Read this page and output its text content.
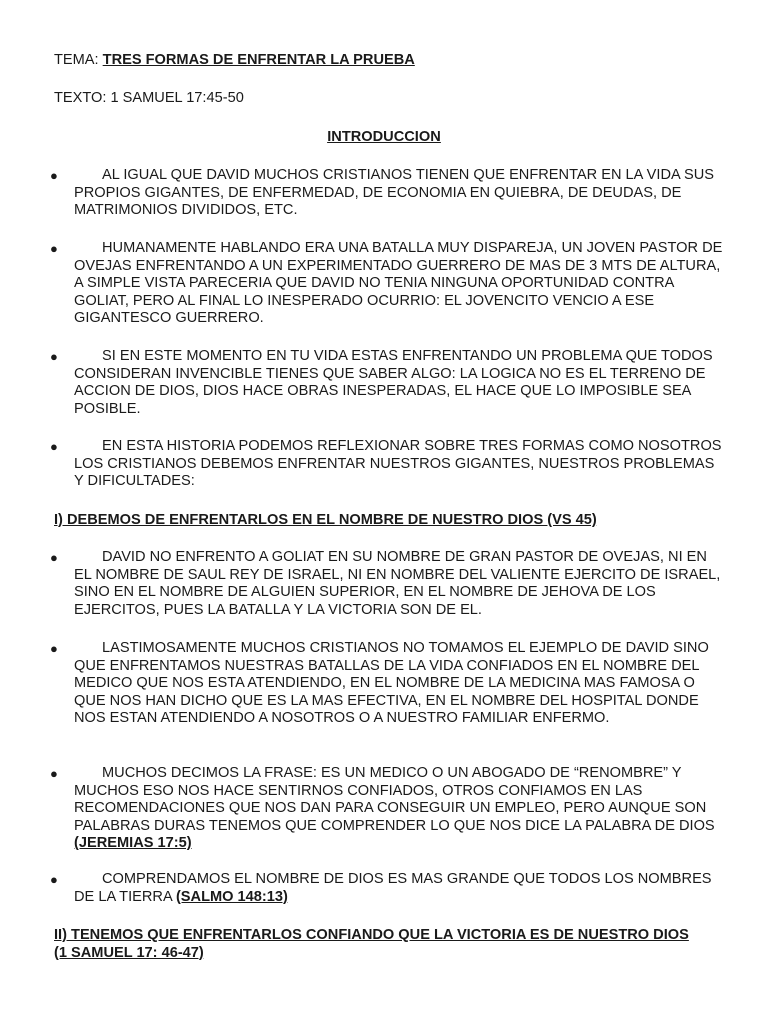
TEMA: TRES FORMAS DE ENFRENTAR LA PRUEBA
TEXTO: 1 SAMUEL 17:45-50
INTRODUCCION
●	AL IGUAL QUE DAVID MUCHOS CRISTIANOS TIENEN QUE ENFRENTAR EN LA VIDA SUS PROPIOS GIGANTES, DE ENFERMEDAD, DE ECONOMIA EN QUIEBRA, DE DEUDAS, DE MATRIMONIOS DIVIDIDOS, ETC.
●	HUMANAMENTE HABLANDO ERA UNA BATALLA MUY DISPAREJA, UN JOVEN PASTOR DE OVEJAS ENFRENTANDO A UN EXPERIMENTADO GUERRERO DE MAS DE 3 MTS DE ALTURA, A SIMPLE VISTA PARECERIA QUE DAVID NO TENIA NINGUNA OPORTUNIDAD CONTRA GOLIAT, PERO AL FINAL LO INESPERADO OCURRIO: EL JOVENCITO VENCIO A ESE GIGANTESCO GUERRERO.
●	SI EN ESTE MOMENTO EN TU VIDA ESTAS ENFRENTANDO UN PROBLEMA QUE TODOS CONSIDERAN INVENCIBLE TIENES QUE SABER ALGO: LA LOGICA NO ES EL TERRENO DE ACCION DE DIOS, DIOS HACE OBRAS INESPERADAS, EL HACE QUE LO IMPOSIBLE SEA POSIBLE.
●	EN ESTA HISTORIA PODEMOS REFLEXIONAR SOBRE TRES FORMAS COMO NOSOTROS LOS CRISTIANOS DEBEMOS ENFRENTAR NUESTROS GIGANTES, NUESTROS PROBLEMAS Y DIFICULTADES:
I) DEBEMOS DE ENFRENTARLOS EN EL NOMBRE DE NUESTRO DIOS (VS 45)
●	DAVID NO ENFRENTO A GOLIAT EN SU NOMBRE DE GRAN PASTOR DE OVEJAS, NI EN EL NOMBRE DE SAUL REY DE ISRAEL, NI EN NOMBRE DEL VALIENTE EJERCITO DE ISRAEL, SINO EN EL NOMBRE DE ALGUIEN SUPERIOR, EN EL NOMBRE DE JEHOVA DE LOS EJERCITOS, PUES LA BATALLA Y LA VICTORIA SON DE EL.
●	LASTIMOSAMENTE MUCHOS CRISTIANOS NO TOMAMOS EL EJEMPLO DE DAVID SINO QUE ENFRENTAMOS NUESTRAS BATALLAS DE LA VIDA CONFIADOS EN EL NOMBRE DEL MEDICO QUE NOS ESTA ATENDIENDO, EN EL NOMBRE DE LA MEDICINA MAS FAMOSA O QUE NOS HAN DICHO QUE ES LA MAS EFECTIVA, EN EL NOMBRE DEL HOSPITAL DONDE NOS ESTAN ATENDIENDO A NOSOTROS O A NUESTRO FAMILIAR ENFERMO.
●	MUCHOS DECIMOS LA FRASE: ES UN MEDICO O UN ABOGADO DE “RENOMBRE” Y MUCHOS ESO NOS HACE SENTIRNOS CONFIADOS, OTROS CONFIAMOS EN LAS RECOMENDACIONES QUE NOS DAN PARA CONSEGUIR UN EMPLEO, PERO AUNQUE SON PALABRAS DURAS TENEMOS QUE COMPRENDER LO QUE NOS DICE LA PALABRA DE DIOS (JEREMIAS 17:5)
●	COMPRENDAMOS EL NOMBRE DE DIOS ES MAS GRANDE QUE TODOS LOS NOMBRES DE LA TIERRA (SALMO 148:13)
II) TENEMOS QUE ENFRENTARLOS CONFIANDO QUE LA VICTORIA ES DE NUESTRO DIOS (1 SAMUEL 17: 46-47)
